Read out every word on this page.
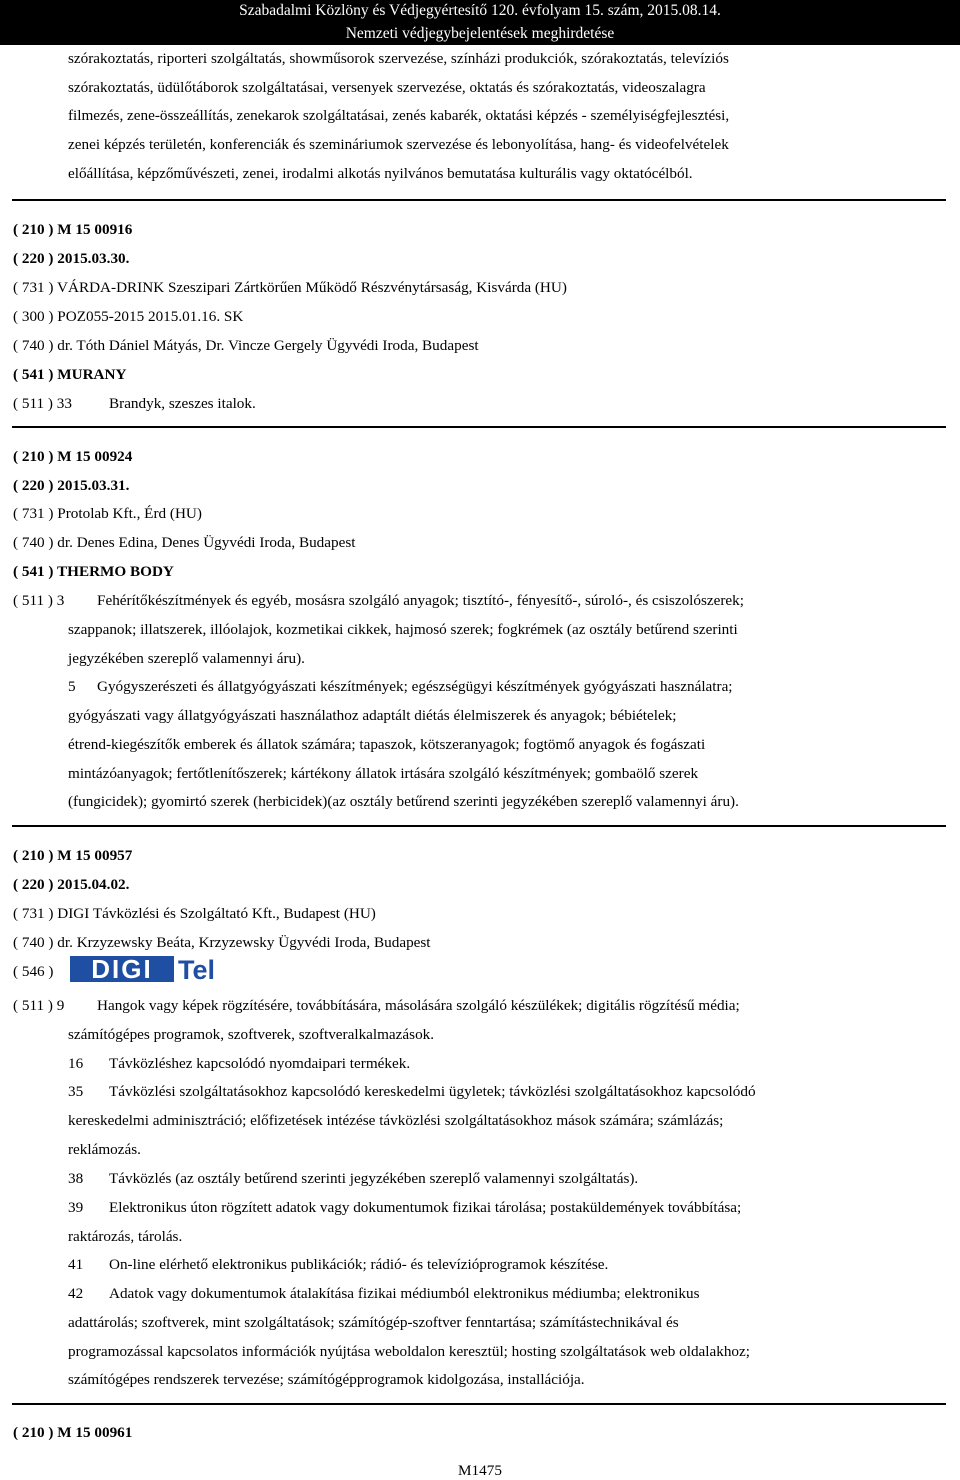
Szabadalmi Közlöny és Védjegyértesítő 120. évfolyam 15. szám, 2015.08.14.
Nemzeti védjegybejelentések meghirdetése
szórakoztatás, riporteri szolgáltatás, showműsorok szervezése, színházi produkciók, szórakoztatás, televíziós
szórakoztatás, üdülőtáborok szolgáltatásai, versenyek szervezése, oktatás és szórakoztatás, videoszalagra
filmezés, zene-összeállítás, zenekarok szolgáltatásai, zenés kabarék, oktatási képzés - személyiségfejlesztési,
zenei képzés területén, konferenciák és szemináriumok szervezése és lebonyolítása, hang- és videofelvételek
előállítása, képzőművészeti, zenei, irodalmi alkotás nyilvános bemutatása kulturális vagy oktatócélból.
( 210 ) M 15 00916
( 220 ) 2015.03.30.
( 731 ) VÁRDA-DRINK Szeszipari Zártkörűen Működő Részvénytársaság, Kisvárda (HU)
( 300 ) POZ055-2015 2015.01.16. SK
( 740 ) dr. Tóth Dániel Mátyás, Dr. Vincze Gergely Ügyvédi Iroda, Budapest
( 541 ) MURANY
( 511 ) 33 Brandyk, szeszes italok.
( 210 ) M 15 00924
( 220 ) 2015.03.31.
( 731 ) Protolab Kft., Érd (HU)
( 740 ) dr. Denes Edina, Denes Ügyvédi Iroda, Budapest
( 541 ) THERMO BODY
( 511 ) 3 Fehérítőkészítmények és egyéb, mosásra szolgáló anyagok; tisztító-, fényesítő-, súroló-, és csiszolószerek;
szappanok; illatszerek, illóolajok, kozmetikai cikkek, hajmosó szerek; fogkrémek (az osztály betűrend szerinti
jegyzékében szereplő valamennyi áru).
5 Gyógyszerészeti és állatgyógyászati készítmények; egészségügyi készítmények gyógyászati használatra;
gyógyászati vagy állatgyógyászati használathoz adaptált diétás élelmiszerek és anyagok; bébiételek;
étrend-kiegészítők emberek és állatok számára; tapaszok, kötszeranyagok; fogtömő anyagok és fogászati
mintázóanyagok; fertőtlenítőszerek; kártékony állatok irtására szolgáló készítmények; gombaölő szerek
(fungicidek); gyomirtó szerek (herbicidek)(az osztály betűrend szerinti jegyzékében szereplő valamennyi áru).
( 210 ) M 15 00957
( 220 ) 2015.04.02.
( 731 ) DIGI Távközlési és Szolgáltató Kft., Budapest (HU)
( 740 ) dr. Krzyzewsky Beáta, Krzyzewsky Ügyvédi Iroda, Budapest
( 546 ) DIGI Tel
( 511 ) 9 Hangok vagy képek rögzítésére, továbbítására, másolására szolgáló készülékek; digitális rögzítésű média;
számítógépes programok, szoftverek, szoftveralkalmazások.
16 Távközléshez kapcsolódó nyomdaipari termékek.
35 Távközlési szolgáltatásokhoz kapcsolódó kereskedelmi ügyletek; távközlési szolgáltatásokhoz kapcsolódó
kereskedelmi adminisztráció; előfizetések intézése távközlési szolgáltatásokhoz mások számára; számlázás;
reklámozás.
38 Távközlés (az osztály betűrend szerinti jegyzékében szereplő valamennyi szolgáltatás).
39 Elektronikus úton rögzített adatok vagy dokumentumok fizikai tárolása; postaküldemények továbbítása;
raktározás, tárolás.
41 On-line elérhető elektronikus publikációk; rádió- és televízióprogramok készítése.
42 Adatok vagy dokumentumok átalakítása fizikai médiumból elektronikus médiumba; elektronikus
adattárolás; szoftverek, mint szolgáltatások; számítógép-szoftver fenntartása; számítástechnikával és
programozással kapcsolatos információk nyújtása weboldalon keresztül; hosting szolgáltatások web oldalakhoz;
számítógépes rendszerek tervezése; számítógépprogramok kidolgozása, installációja.
( 210 ) M 15 00961
M1475
